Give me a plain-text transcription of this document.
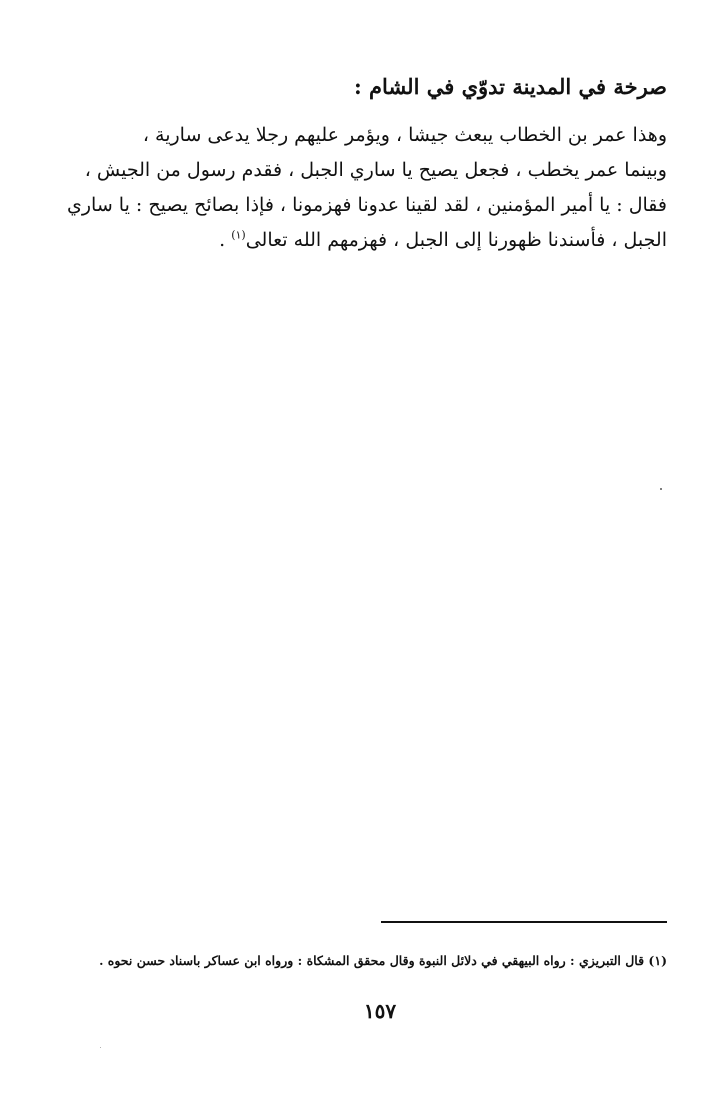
صرخة في المدينة تدوّي في الشام :
وهذا عمر بن الخطاب يبعث جيشا ، ويؤمر عليهم رجلا يدعى سارية ،
وبينما عمر يخطب ، فجعل يصيح يا ساري الجبل ، فقدم رسول من الجيش ،
فقال : يا أمير المؤمنين ، لقد لقينا عدونا فهزمونا ، فإذا بصائح يصيح : يا ساري
الجبل ، فأسندنا ظهورنا إلى الجبل ، فهزمهم الله تعالى$^{(١)}$ .
(١) قال التبريزي : رواه البيهقي في دلائل النبوة وقال محقق المشكاة : ورواه ابن عساكر باسناد حسن نحوه .
١٥٧
